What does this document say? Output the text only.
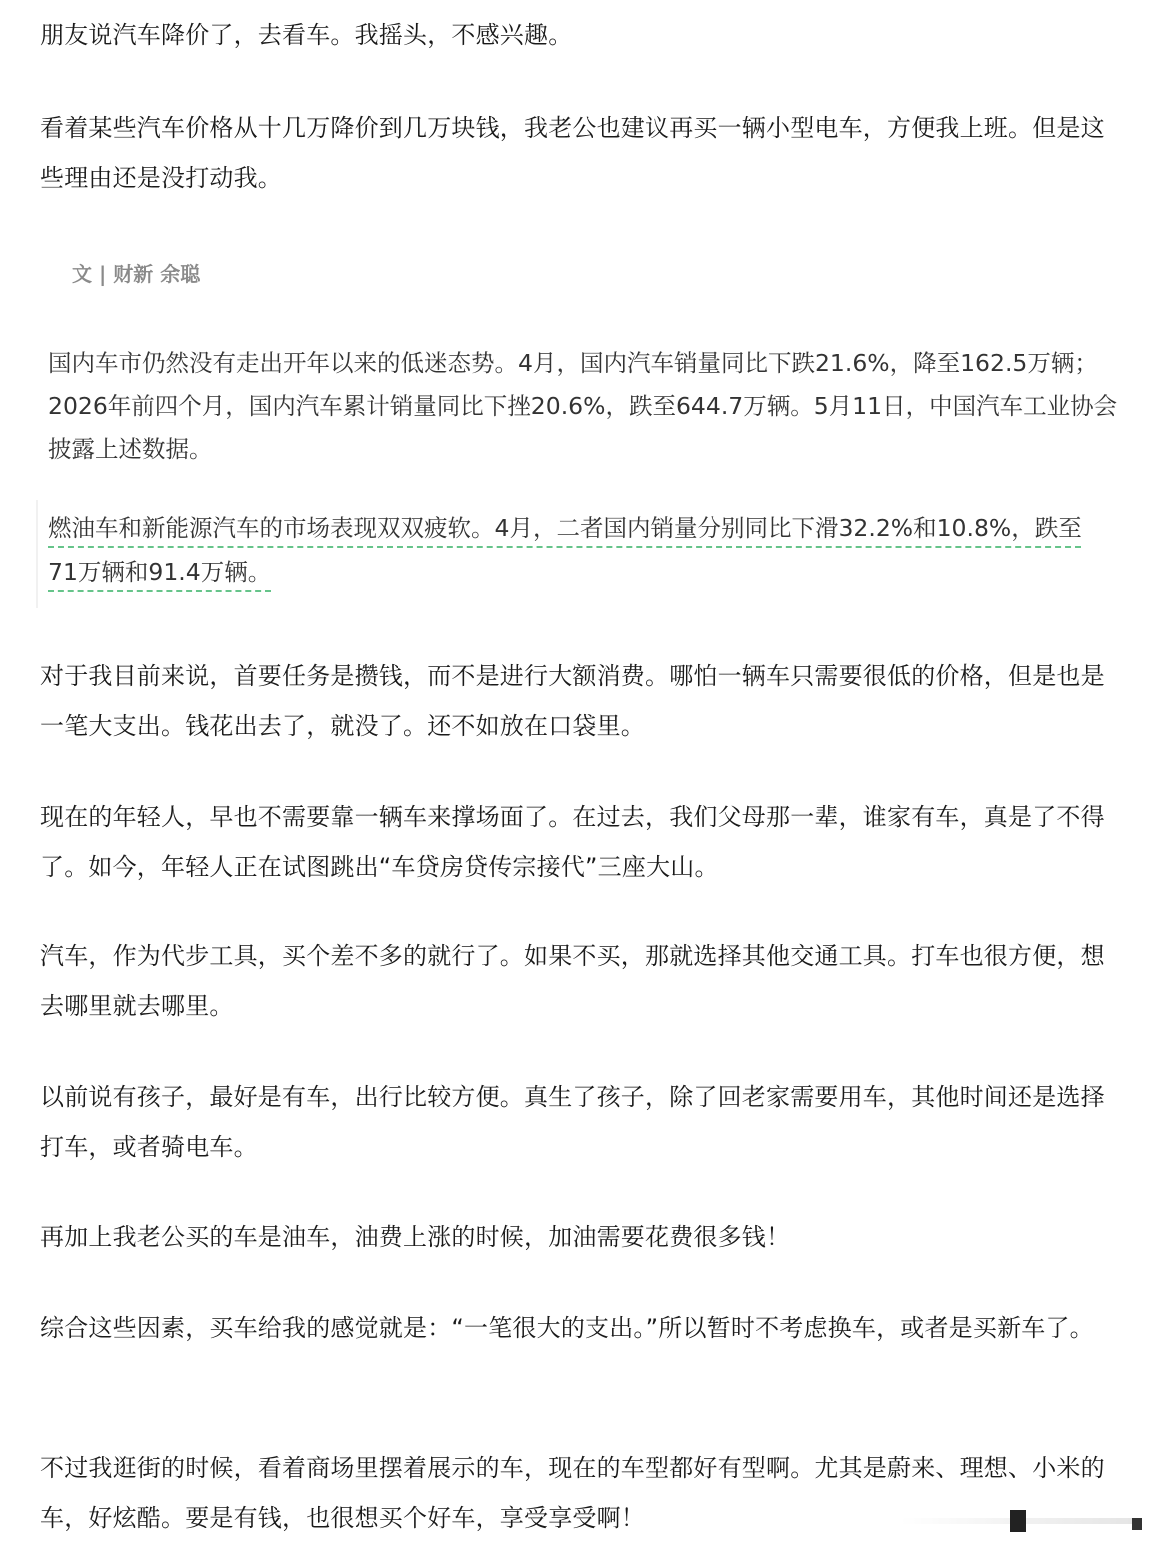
朋友说汽车降价了，去看车。我摇头，不感兴趣。

看着某些汽车价格从十几万降价到几万块钱，我老公也建议再买一辆小型电车，方便我上班。但是这些理由还是没打动我。

文 | 财新 余聪

国内车市仍然没有走出开年以来的低迷态势。4月，国内汽车销量同比下跌21.6%，降至162.5万辆；2026年前四个月，国内汽车累计销量同比下挫20.6%，跌至644.7万辆。5月11日，中国汽车工业协会披露上述数据。

燃油车和新能源汽车的市场表现双双疲软。4月，二者国内销量分别同比下滑32.2%和10.8%，跌至71万辆和91.4万辆。

对于我目前来说，首要任务是攒钱，而不是进行大额消费。哪怕一辆车只需要很低的价格，但是也是一笔大支出。钱花出去了，就没了。还不如放在口袋里。

现在的年轻人，早也不需要靠一辆车来撑场面了。在过去，我们父母那一辈，谁家有车，真是了不得了。如今，年轻人正在试图跳出“车贷房贷传宗接代”三座大山。

汽车，作为代步工具，买个差不多的就行了。如果不买，那就选择其他交通工具。打车也很方便，想去哪里就去哪里。

以前说有孩子，最好是有车，出行比较方便。真生了孩子，除了回老家需要用车，其他时间还是选择打车，或者骑电车。

再加上我老公买的车是油车，油费上涨的时候，加油需要花费很多钱！

综合这些因素，买车给我的感觉就是：“一笔很大的支出。”所以暂时不考虑换车，或者是买新车了。

不过我逛街的时候，看着商场里摆着展示的车，现在的车型都好有型啊。尤其是蔚来、理想、小米的车，好炫酷。要是有钱，也很想买个好车，享受享受啊！
